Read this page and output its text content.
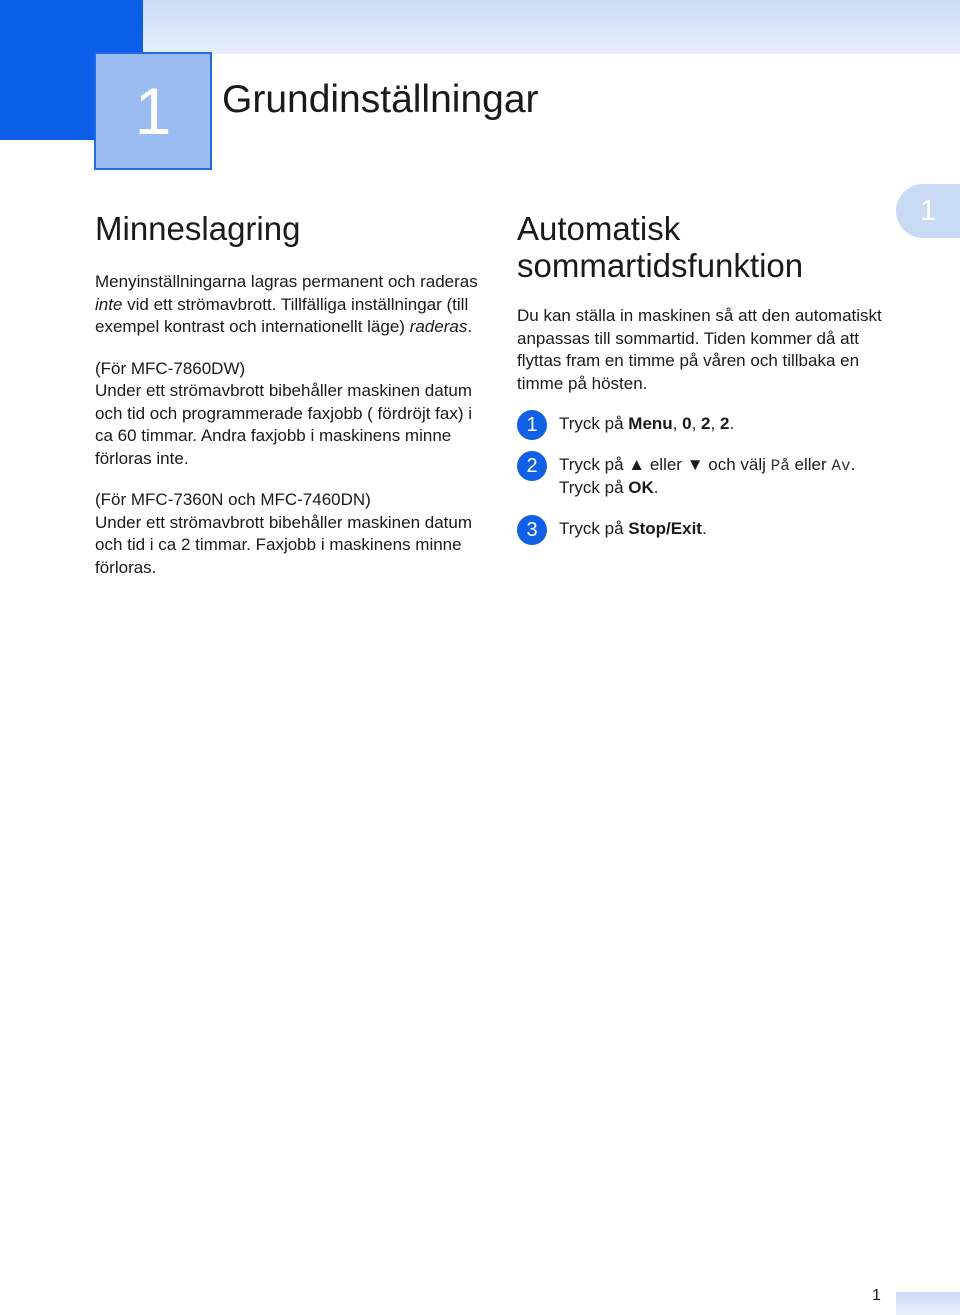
1 Grundinställningar
1
Minneslagring

Menyinställningarna lagras permanent och raderas inte vid ett strömavbrott. Tillfälliga inställningar (till exempel kontrast och internationellt läge) raderas.

(För MFC-7860DW)
Under ett strömavbrott bibehåller maskinen datum och tid och programmerade faxjobb ( fördröjt fax) i ca 60 timmar. Andra faxjobb i maskinens minne förloras inte.

(För MFC-7360N och MFC-7460DN)
Under ett strömavbrott bibehåller maskinen datum och tid i ca 2 timmar. Faxjobb i maskinens minne förloras.

Automatisk
sommartidsfunktion

Du kan ställa in maskinen så att den automatiskt anpassas till sommartid. Tiden kommer då att flyttas fram en timme på våren och tillbaka en timme på hösten.

1	Tryck på Menu, 0, 2, 2.
2	Tryck på ▲ eller ▼ och välj På eller Av.
Tryck på OK.
3	Tryck på Stop/Exit.
1
